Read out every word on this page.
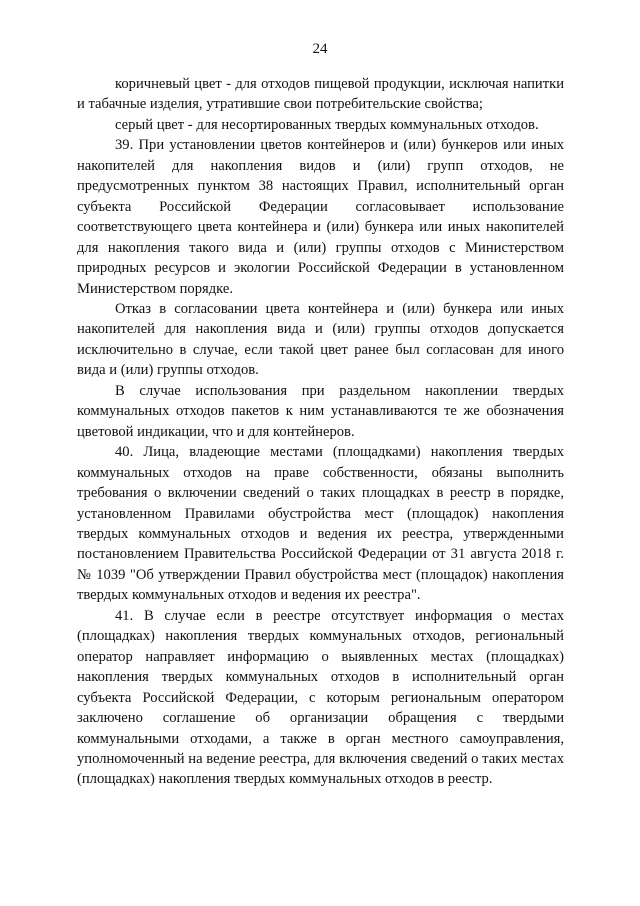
24

коричневый цвет - для отходов пищевой продукции, исключая напитки и табачные изделия, утратившие свои потребительские свойства;

серый цвет - для несортированных твердых коммунальных отходов.

39. При установлении цветов контейнеров и (или) бункеров или иных накопителей для накопления видов и (или) групп отходов, не предусмотренных пунктом 38 настоящих Правил, исполнительный орган субъекта Российской Федерации согласовывает использование соответствующего цвета контейнера и (или) бункера или иных накопителей для накопления такого вида и (или) группы отходов с Министерством природных ресурсов и экологии Российской Федерации в установленном Министерством порядке.

Отказ в согласовании цвета контейнера и (или) бункера или иных накопителей для накопления вида и (или) группы отходов допускается исключительно в случае, если такой цвет ранее был согласован для иного вида и (или) группы отходов.

В случае использования при раздельном накоплении твердых коммунальных отходов пакетов к ним устанавливаются те же обозначения цветовой индикации, что и для контейнеров.

40. Лица, владеющие местами (площадками) накопления твердых коммунальных отходов на праве собственности, обязаны выполнить требования о включении сведений о таких площадках в реестр в порядке, установленном Правилами обустройства мест (площадок) накопления твердых коммунальных отходов и ведения их реестра, утвержденными постановлением Правительства Российской Федерации от 31 августа 2018 г. № 1039 "Об утверждении Правил обустройства мест (площадок) накопления твердых коммунальных отходов и ведения их реестра".

41. В случае если в реестре отсутствует информация о местах (площадках) накопления твердых коммунальных отходов, региональный оператор направляет информацию о выявленных местах (площадках) накопления твердых коммунальных отходов в исполнительный орган субъекта Российской Федерации, с которым региональным оператором заключено соглашение об организации обращения с твердыми коммунальными отходами, а также в орган местного самоуправления, уполномоченный на ведение реестра, для включения сведений о таких местах (площадках) накопления твердых коммунальных отходов в реестр.
